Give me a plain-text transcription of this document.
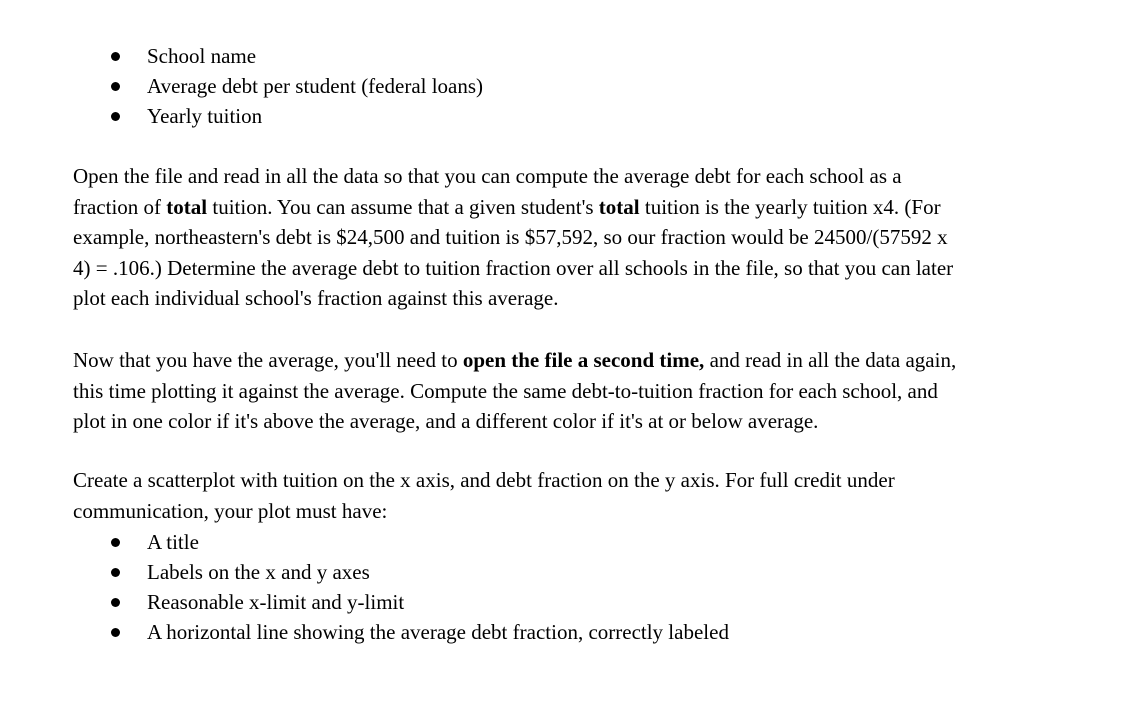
School name
Average debt per student (federal loans)
Yearly tuition

Open the file and read in all the data so that you can compute the average debt for each school as a
fraction of total tuition. You can assume that a given student's total tuition is the yearly tuition x4. (For
example, northeastern's debt is $24,500 and tuition is $57,592, so our fraction would be 24500/(57592 x
4) = .106.) Determine the average debt to tuition fraction over all schools in the file, so that you can later
plot each individual school's fraction against this average.

Now that you have the average, you'll need to open the file a second time, and read in all the data again,
this time plotting it against the average. Compute the same debt-to-tuition fraction for each school, and
plot in one color if it's above the average, and a different color if it's at or below average.

Create a scatterplot with tuition on the x axis, and debt fraction on the y axis. For full credit under
communication, your plot must have:

A title
Labels on the x and y axes
Reasonable x-limit and y-limit
A horizontal line showing the average debt fraction, correctly labeled
